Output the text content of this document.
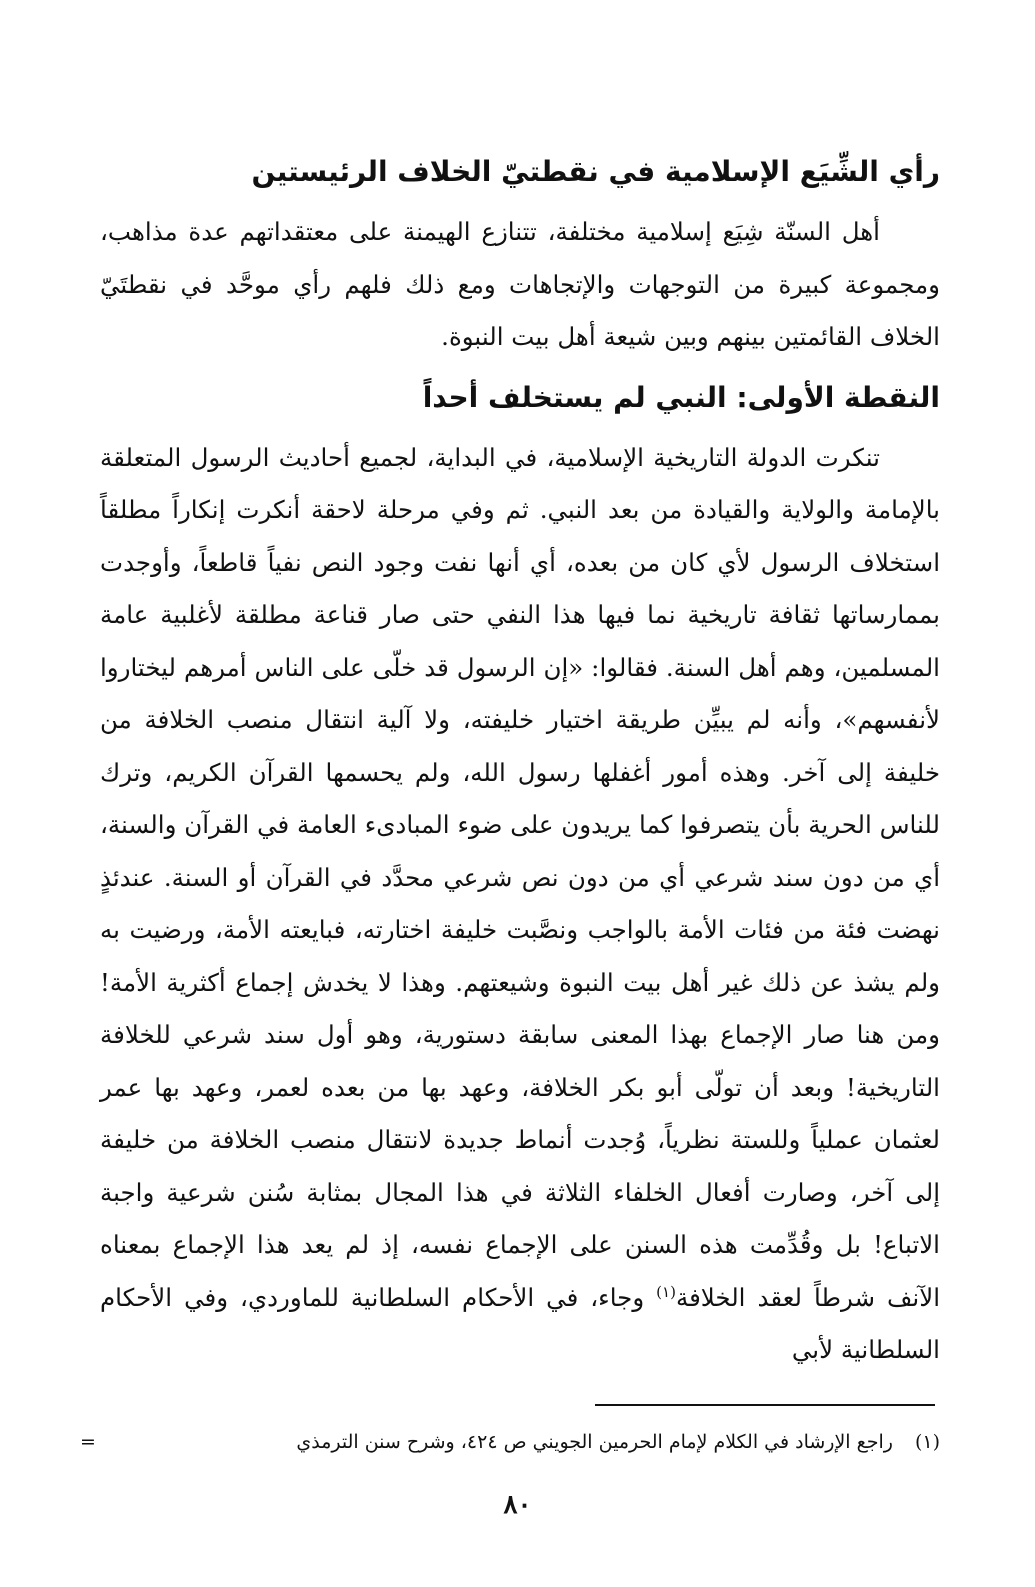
رأي الشِّيَع الإسلامية في نقطتيّ الخلاف الرئيستين

أهل السنّة شِيَع إسلامية مختلفة، تتنازع الهيمنة على معتقداتهم عدة مذاهب، ومجموعة كبيرة من التوجهات والإتجاهات ومع ذلك فلهم رأي موحَّد في نقطتَيّ الخلاف القائمتين بينهم وبين شيعة أهل بيت النبوة.

النقطة الأولى: النبي لم يستخلف أحداً

تنكرت الدولة التاريخية الإسلامية، في البداية، لجميع أحاديث الرسول المتعلقة بالإمامة والولاية والقيادة من بعد النبي. ثم وفي مرحلة لاحقة أنكرت إنكاراً مطلقاً استخلاف الرسول لأي كان من بعده، أي أنها نفت وجود النص نفياً قاطعاً، وأوجدت بممارساتها ثقافة تاريخية نما فيها هذا النفي حتى صار قناعة مطلقة لأغلبية عامة المسلمين، وهم أهل السنة. فقالوا: «إن الرسول قد خلّى على الناس أمرهم ليختاروا لأنفسهم»، وأنه لم يبيِّن طريقة اختيار خليفته، ولا آلية انتقال منصب الخلافة من خليفة إلى آخر. وهذه أمور أغفلها رسول الله، ولم يحسمها القرآن الكريم، وترك للناس الحرية بأن يتصرفوا كما يريدون على ضوء المبادىء العامة في القرآن والسنة، أي من دون سند شرعي أي من دون نص شرعي محدَّد في القرآن أو السنة. عندئذٍ نهضت فئة من فئات الأمة بالواجب ونصَّبت خليفة اختارته، فبايعته الأمة، ورضيت به ولم يشذ عن ذلك غير أهل بيت النبوة وشيعتهم. وهذا لا يخدش إجماع أكثرية الأمة! ومن هنا صار الإجماع بهذا المعنى سابقة دستورية، وهو أول سند شرعي للخلافة التاريخية! وبعد أن تولّى أبو بكر الخلافة، وعهد بها من بعده لعمر، وعهد بها عمر لعثمان عملياً وللستة نظرياً، وُجدت أنماط جديدة لانتقال منصب الخلافة من خليفة إلى آخر، وصارت أفعال الخلفاء الثلاثة في هذا المجال بمثابة سُنن شرعية واجبة الاتباع! بل وقُدِّمت هذه السنن على الإجماع نفسه، إذ لم يعد هذا الإجماع بمعناه الآنف شرطاً لعقد الخلافة$^{(١)}$ وجاء، في الأحكام السلطانية للماوردي، وفي الأحكام السلطانية لأبي

(١)راجع الإرشاد في الكلام لإمام الحرمين الجويني ص ٤٢٤، وشرح سنن الترمذي
=
٨٠
